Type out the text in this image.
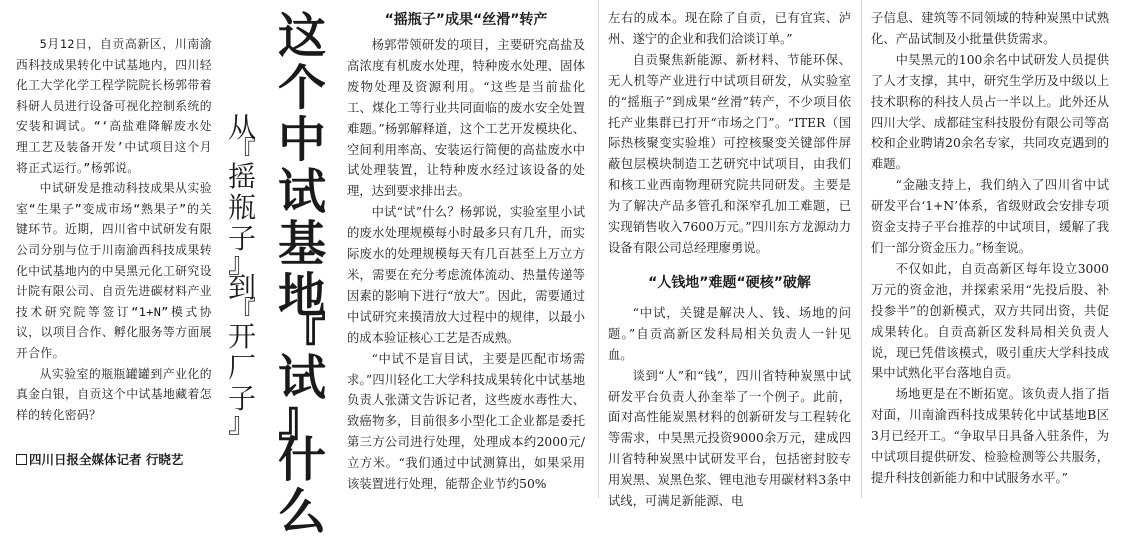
5月12日，自贡高新区，川南渝西科技成果转化中试基地内，四川轻化工大学化学工程学院院长杨郭带着科研人员进行设备可视化控制系统的安装和调试。“‘高盐难降解废水处理工艺及装备开发’中试项目这个月将正式运行。”杨郭说。

中试研发是推动科技成果从实验室“生果子”变成市场“熟果子”的关键环节。近期，四川省中试研发有限公司分别与位于川南渝西科技成果转化中试基地内的中昊黑元化工研究设计院有限公司、自贡先进碳材料产业技术研究院等签订“1+N”模式协议，以项目合作、孵化服务等方面展开合作。

从实验室的瓶瓶罐罐到产业化的真金白银，自贡这个中试基地藏着怎样的转化密码？

四川日报全媒体记者 行晓艺
这
个
中
试
基
地
『
试
』
什
么
从
『
摇
瓶
子
』
到
『
开
厂
子
』
“摇瓶子”成果“丝滑”转产

杨郭带领研发的项目，主要研究高盐及高浓度有机废水处理，特种废水处理、固体废物处理及资源利用。“这些是当前盐化工、煤化工等行业共同面临的废水安全处置难题。”杨郭解释道，这个工艺开发模块化、空间利用率高、安装运行简便的高盐废水中试处理装置，让特种废水经过该设备的处理，达到要求排出去。

中试“试”什么？杨郭说，实验室里小试的废水处理规模每小时最多只有几升，而实际废水的处理规模每天有几百甚至上万立方米，需要在充分考虑流体流动、热量传递等因素的影响下进行“放大”。因此，需要通过中试研究来摸清放大过程中的规律，以最小的成本验证核心工艺是否成熟。

“中试不是盲目试，主要是匹配市场需求。”四川轻化工大学科技成果转化中试基地负责人张潇文告诉记者，这些废水毒性大、致癌物多，目前很多小型化工企业都是委托第三方公司进行处理，处理成本约2000元/立方米。“我们通过中试测算出，如果采用该装置进行处理，能帮企业节约50%

左右的成本。现在除了自贡，已有宜宾、泸州、遂宁的企业和我们洽谈订单。”

自贡聚焦新能源、新材料、节能环保、无人机等产业进行中试项目研发，从实验室的“摇瓶子”到成果“丝滑”转产，不少项目依托产业集群已打开“市场之门”。“ITER（国际热核聚变实验堆）可控核聚变关键部件屏蔽包层模块制造工艺研究中试项目，由我们和核工业西南物理研究院共同研发。主要是为了解决产品多管孔和深窄孔加工难题，已实现销售收入7600万元。”四川东方龙源动力设备有限公司总经理廖勇说。

“人钱地”难题“硬核”破解

“中试，关键是解决人、钱、场地的问题。”自贡高新区发科局相关负责人一针见血。

谈到“人”和“钱”，四川省特种炭黑中试研发平台负责人孙奎举了一个例子。此前，面对高性能炭黑材料的创新研发与工程转化等需求，中昊黑元投资9000余万元，建成四川省特种炭黑中试研发平台，包括密封胶专用炭黑、炭黑色浆、锂电池专用碳材料3条中试线，可满足新能源、电

子信息、建筑等不同领域的特种炭黑中试熟化、产品试制及小批量供货需求。

中昊黑元的100余名中试研发人员提供了人才支撑，其中，研究生学历及中级以上技术职称的科技人员占一半以上。此外还从四川大学、成都硅宝科技股份有限公司等高校和企业聘请20余名专家，共同攻克遇到的难题。

“金融支持上，我们纳入了四川省中试研发平台‘1+N’体系，省级财政会安排专项资金支持子平台推荐的中试项目，缓解了我们一部分资金压力。”杨奎说。

不仅如此，自贡高新区每年设立3000万元的资金池，并探索采用“先投后股、补投参半”的创新模式，双方共同出资，共促成果转化。自贡高新区发科局相关负责人说，现已凭借该模式，吸引重庆大学科技成果中试熟化平台落地自贡。

场地更是在不断拓宽。该负责人指了指对面，川南渝西科技成果转化中试基地B区3月已经开工。“争取早日具备入驻条件，为中试项目提供研发、检验检测等公共服务，提升科技创新能力和中试服务水平。”
